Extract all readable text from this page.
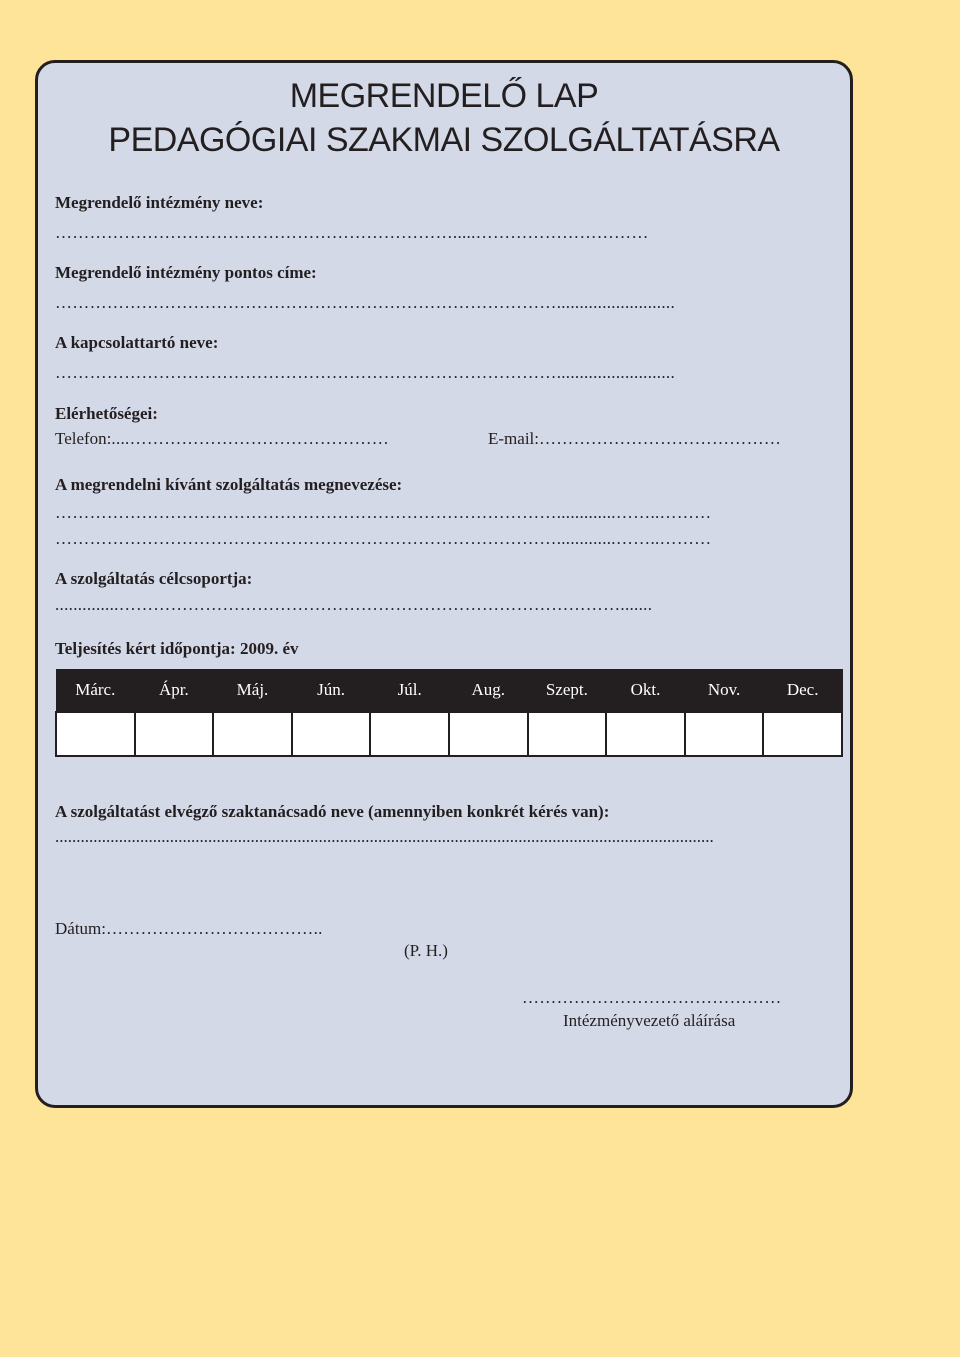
MEGRENDELŐ LAP
PEDAGÓGIAI SZAKMAI SZOLGÁLTATÁSRA
Megrendelő intézmény neve:
…………………………………………………………….....…………………………
Megrendelő intézmény pontos címe:
……………………………………………………………………………..........................
A kapcsolattartó neve:
……………………………………………………………………………..........................
Elérhetőségei:
Telefon:....………………………………………	E-mail:……………………………………
A megrendelni kívánt szolgáltatás megnevezése:
…………………………………………………………………………….............……..………
…………………………………………………………………………….............……..………
A szolgáltatás célcsoportja:
..............…………………………………………………………………………….......
Teljesítés kért időpontja: 2009. év
Márc.	Ápr.	Máj.	Jún.	Júl.	Aug.	Szept.	Okt.	Nov.	Dec.

A szolgáltatást elvégző szaktanácsadó neve (amennyiben konkrét kérés van):
...........................................................................................................................................................
Dátum:………………………………..
(P. H.)
………………………………………
Intézményvezető aláírása
